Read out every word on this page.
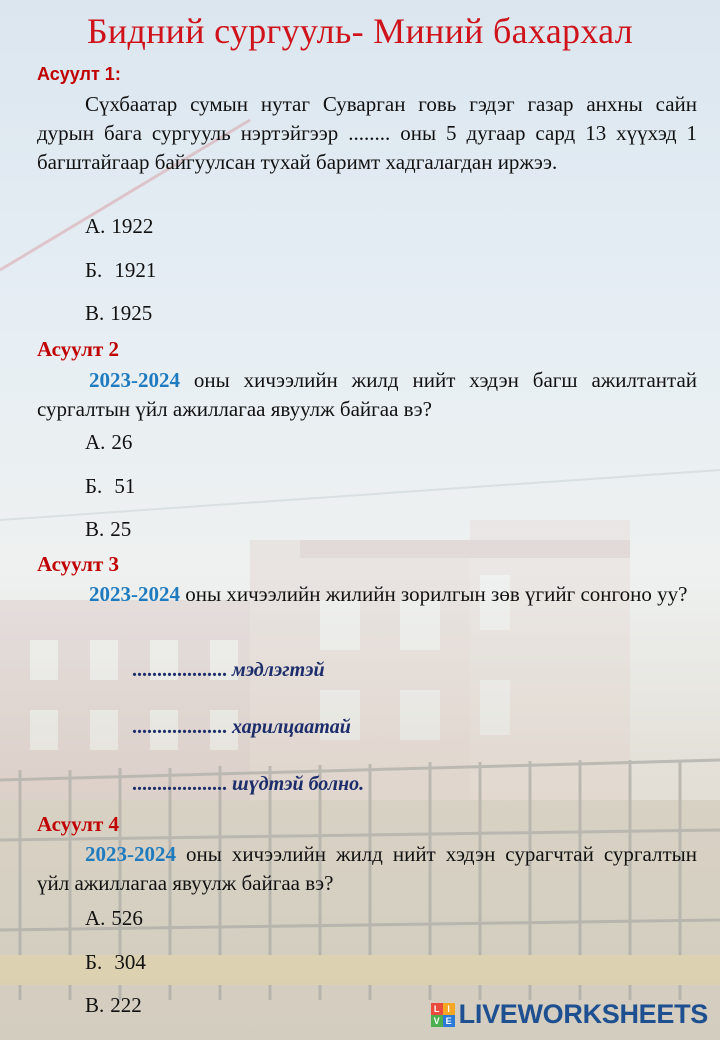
Бидний сургууль- Миний бахархал
Асуулт 1:
Сүхбаатар сумын нутаг Суварган говь гэдэг газар анхны сайн дурын бага сургууль нэртэйгээр ........ оны 5 дугаар сард 13 хүүхэд 1 багштайгаар байгуулсан тухай баримт хадгалагдан иржээ.
А. 1922
Б. 1921
В. 1925
Асуулт 2
2023-2024 оны хичээлийн жилд нийт хэдэн багш ажилтантай сургалтын үйл ажиллагаа явуулж байгаа вэ?
А. 26
Б. 51
В. 25
Асуулт 3
2023-2024 оны хичээлийн жилийн зорилгын зөв үгийг сонгоно уу?
................... мэдлэгтэй
................... харилцаатай
................... шүдтэй болно.
Асуулт 4
2023-2024 оны хичээлийн жилд нийт хэдэн сурагчтай сургалтын үйл ажиллагаа явуулж байгаа вэ?
А. 526
Б. 304
В. 222	L I
V E LIVEWORKSHEETS
